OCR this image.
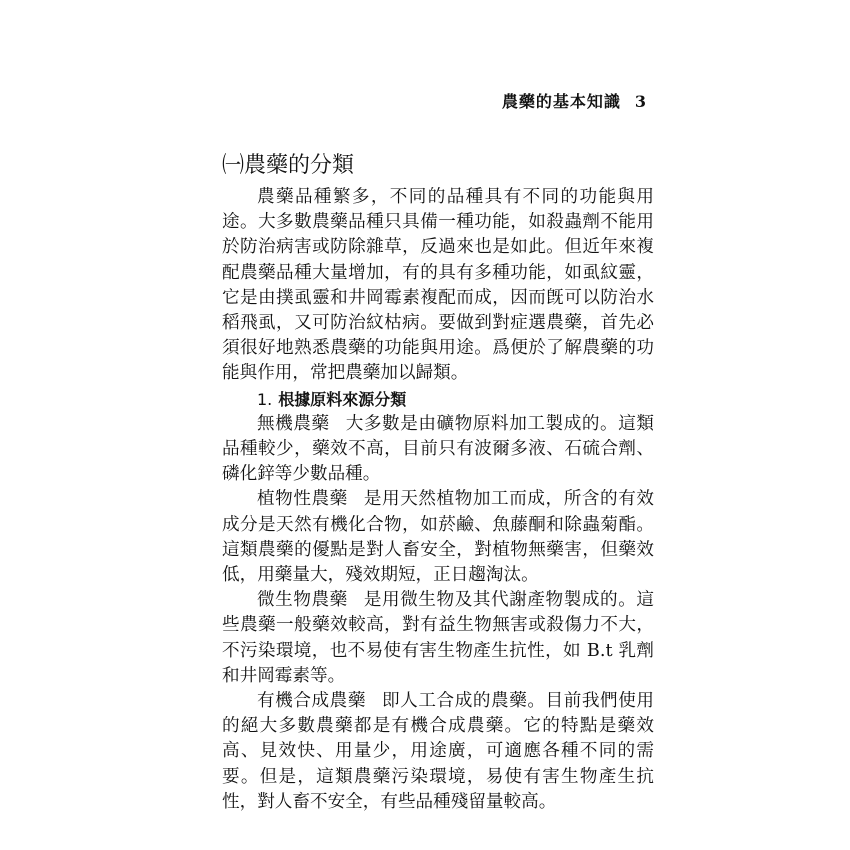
農藥的基本知識 3
㈠農藥的分類

農藥品種繁多，不同的品種具有不同的功能與用途。大多數農藥品種只具備一種功能，如殺蟲劑不能用於防治病害或防除雜草，反過來也是如此。但近年來複配農藥品種大量增加，有的具有多種功能，如虱紋靈，它是由撲虱靈和井岡霉素複配而成，因而旣可以防治水稻飛虱，又可防治紋枯病。要做到對症選農藥，首先必須很好地熟悉農藥的功能與用途。爲便於了解農藥的功能與作用，常把農藥加以歸類。

1. 根據原料來源分類

無機農藥 大多數是由礦物原料加工製成的。這類品種較少，藥效不高，目前只有波爾多液、石硫合劑、磷化鋅等少數品種。

植物性農藥 是用天然植物加工而成，所含的有效成分是天然有機化合物，如菸鹼、魚藤酮和除蟲菊酯。這類農藥的優點是對人畜安全，對植物無藥害，但藥效低，用藥量大，殘效期短，正日趨淘汰。

微生物農藥 是用微生物及其代謝產物製成的。這些農藥一般藥效較高，對有益生物無害或殺傷力不大，不污染環境，也不易使有害生物產生抗性，如 B.t 乳劑和井岡霉素等。

有機合成農藥 即人工合成的農藥。目前我們使用的絕大多數農藥都是有機合成農藥。它的特點是藥效高、見效快、用量少，用途廣，可適應各種不同的需要。但是，這類農藥污染環境，易使有害生物產生抗性，對人畜不安全，有些品種殘留量較高。
